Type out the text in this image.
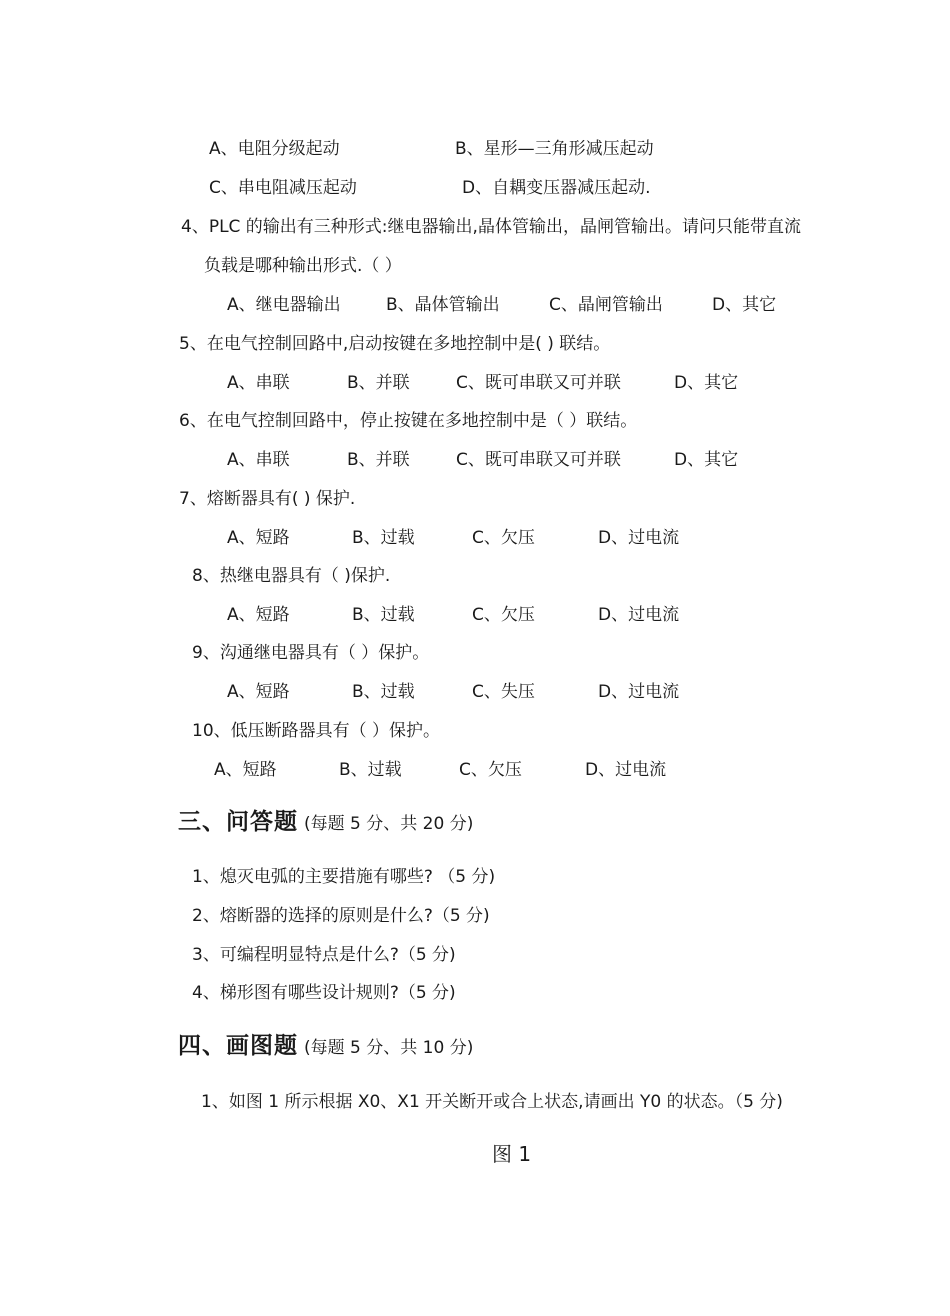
A、电阻分级起动	B、星形—三角形减压起动
C、串电阻减压起动	D、自耦变压器减压起动.
4、PLC 的输出有三种形式:继电器输出,晶体管输出，晶闸管输出。请问只能带直流
负载是哪种输出形式.（ ）
A、继电器输出	B、晶体管输出	C、晶闸管输出	D、其它
5、在电气控制回路中,启动按键在多地控制中是( ) 联结。
A、串联	B、并联	C、既可串联又可并联	D、其它
6、在电气控制回路中，停止按键在多地控制中是（ ）联结。
A、串联	B、并联	C、既可串联又可并联	D、其它
7、熔断器具有( ) 保护.
A、短路	B、过载	C、欠压	D、过电流
8、热继电器具有（ )保护.
A、短路	B、过载	C、欠压	D、过电流
9、沟通继电器具有（ ）保护。
A、短路	B、过载	C、失压	D、过电流
10、低压断路器具有（ ）保护。
A、短路	B、过载	C、欠压	D、过电流
三、问答题 (每题 5 分、共 20 分)
1、熄灭电弧的主要措施有哪些? （5 分)
2、熔断器的选择的原则是什么?（5 分)
3、可编程明显特点是什么?（5 分)
4、梯形图有哪些设计规则?（5 分)
四、画图题 (每题 5 分、共 10 分)
1、如图 1 所示根据 X0、X1 开关断开或合上状态,请画出 Y0 的状态。（5 分)
图 1
